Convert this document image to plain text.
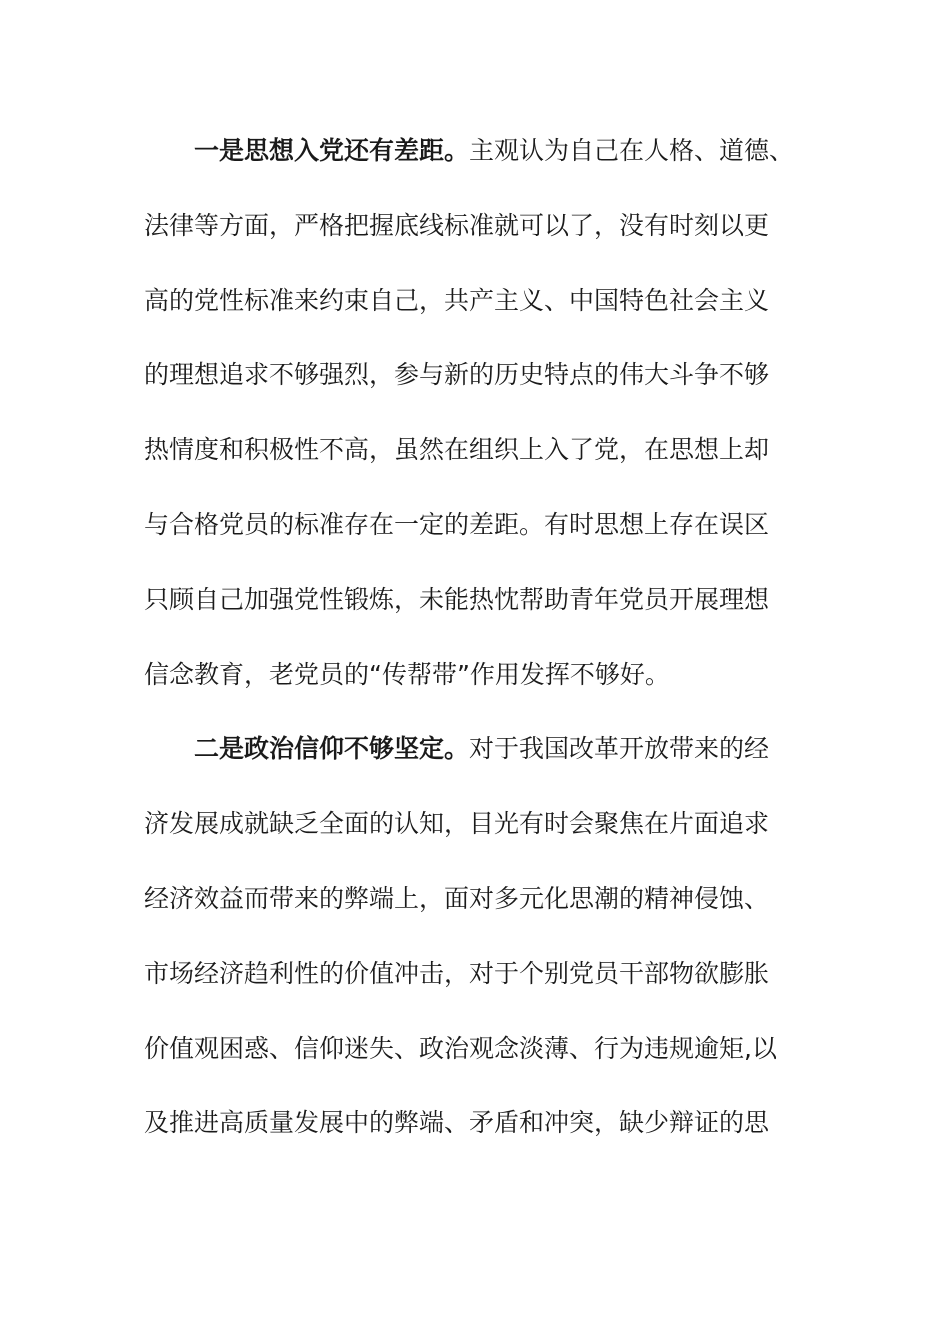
一是思想入党还有差距。主观认为自己在人格、道德、
法律等方面，严格把握底线标准就可以了，没有时刻以更
高的党性标准来约束自己，共产主义、中国特色社会主义
的理想追求不够强烈，参与新的历史特点的伟大斗争不够
热情度和积极性不高，虽然在组织上入了党，在思想上却
与合格党员的标准存在一定的差距。有时思想上存在误区
只顾自己加强党性锻炼，未能热忱帮助青年党员开展理想
信念教育，老党员的“传帮带”作用发挥不够好。
二是政治信仰不够坚定。对于我国改革开放带来的经
济发展成就缺乏全面的认知，目光有时会聚焦在片面追求
经济效益而带来的弊端上，面对多元化思潮的精神侵蚀、
市场经济趋利性的价值冲击，对于个别党员干部物欲膨胀
价值观困惑、信仰迷失、政治观念淡薄、行为违规逾矩,以
及推进高质量发展中的弊端、矛盾和冲突，缺少辩证的思
